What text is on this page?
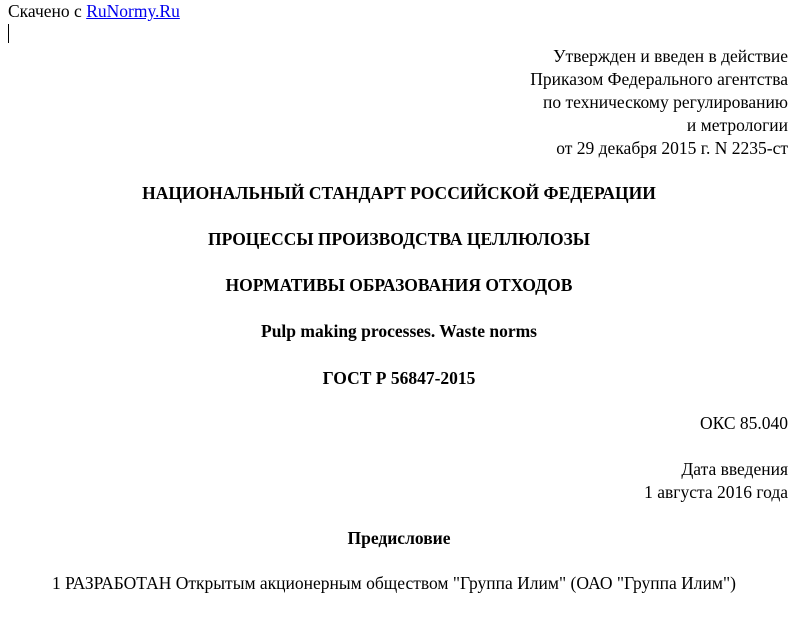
Скачено с RuNormy.Ru
Утвержден и введен в действие
Приказом Федерального агентства
по техническому регулированию
и метрологии
от 29 декабря 2015 г. N 2235-ст
НАЦИОНАЛЬНЫЙ СТАНДАРТ РОССИЙСКОЙ ФЕДЕРАЦИИ
ПРОЦЕССЫ ПРОИЗВОДСТВА ЦЕЛЛЮЛОЗЫ
НОРМАТИВЫ ОБРАЗОВАНИЯ ОТХОДОВ
Pulp making processes. Waste norms
ГОСТ Р 56847-2015
ОКС 85.040
Дата введения
1 августа 2016 года
Предисловие
1 РАЗРАБОТАН Открытым акционерным обществом "Группа Илим" (ОАО "Группа Илим")
